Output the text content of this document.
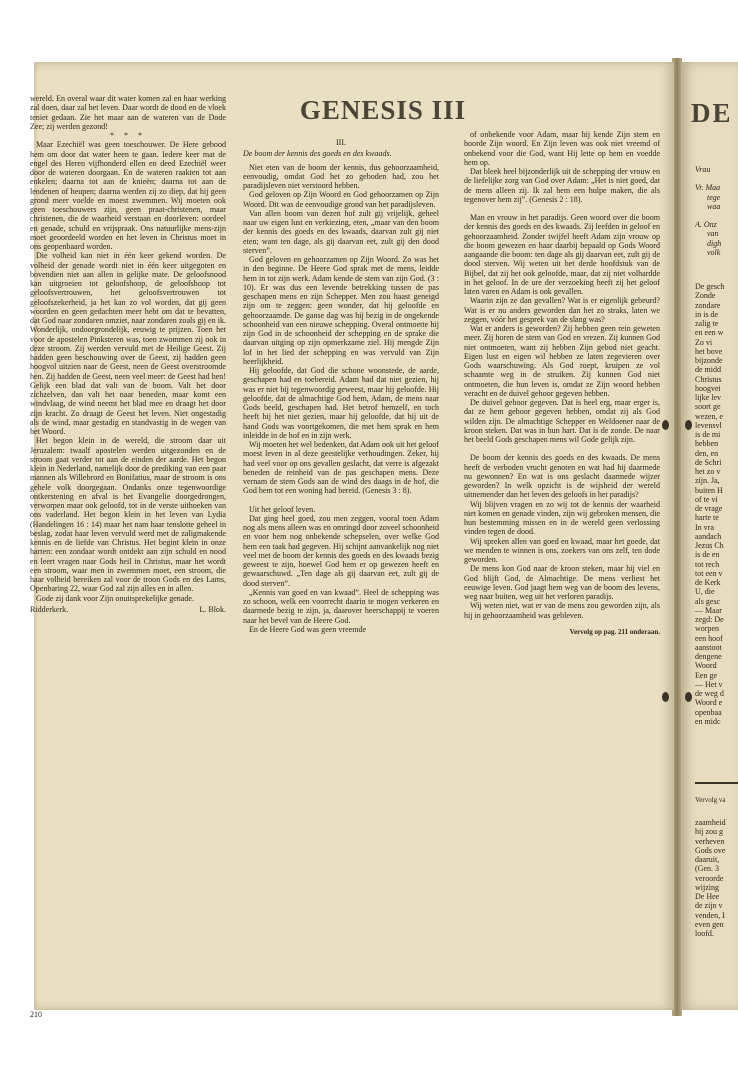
GENESIS III

wereld. En overal waar dit water komen zal en haar werking zal doen, daar zal het leven. Daar wordt de dood en de vloek teniet gedaan. Zie het maar aan de wateren van de Dode Zee; zij werden gezond!

* * *

Maar Ezechiël was geen toeschouwer. De Here gebood hem om door dat water heen te gaan. Iedere keer mat de engel des Heren vijfhonderd ellen en deed Ezechiël weer door de wateren doorgaan. En de wateren raakten tot aan enkelen; daarna tot aan de knieën; daarna tot aan de lendenen of heupen; daarna werden zij zo diep, dat hij geen grond meer voelde en moest zwemmen. Wij moeten ook geen toeschouwers zijn, geen praat-christenen, maar christenen, die de waarheid verstaan en doorleven: oordeel en genade, schuld en vrijspraak. Ons natuurlijke mens-zijn moet geoordeeld worden en het leven in Christus moet in ons geopenbaard worden.

Die volheid kan niet in één keer gekend worden. De volheid der genade wordt niet in één keer uitgegoten en bovendien niet aan allen in gelijke mate. De geloofsnood kan uitgroeien tot geloofshoop, de geloofshoop tot geloofsvertrouwen, het geloofsvertrouwen tot geloofszekerheid, ja het kan zo vol worden, dat gij geen woorden en geen gedachten meer hebt om dat te bevatten, dat God naar zondaren omziet, naar zondaren zoals gij en ik. Wonderlijk, ondoorgrondelijk, eeuwig te prijzen. Toen het voor de apostelen Pinksteren was, toen zwommen zij ook in deze stroom. Zij werden vervuld met de Heilige Geest. Zij hadden geen beschouwing over de Geest, zij hadden geen hoogvol uitzien naar de Geest, neen de Geest overstroomde hen. Zij hadden de Geest, neen veel meer: de Geest had hen! Gelijk een blad dat valt van de boom. Valt het door zichzelven, dan valt het naar beneden, maar komt een windvlaag, de wind neemt het blad mee en draagt het door zijn kracht. Zo draagt de Geest het leven. Niet ongestadig als de wind, maar gestadig en standvastig in de wegen van het Woord.

Het begon klein in de wereld, die stroom daar uit Jeruzalem: twaalf apostelen werden uitgezonden en de stroom gaat verder tot aan de einden der aarde. Het begon klein in Nederland, namelijk door de prediking van een paar mannen als Willebrord en Bonifatius, maar de stroom is ons gehele volk doorgegaan. Ondanks onze tegenwoordige ontkerstening en afval is het Evangelie doorgedrongen, verworpen maar ook geloofd, tot in de verste uithoeken van ons vaderland. Het begon klein in het leven van Lydia (Handelingen 16 : 14) maar het nam haar tenslotte geheel in beslag, zodat haar leven vervuld werd met de zaligmakende kennis en de liefde van Christus. Het begint klein in onze harten: een zondaar wordt ontdekt aan zijn schuld en nood en leert vragen naar Gods heil in Christus, maar het wordt een stroom, waar men in zwemmen moet, een stroom, die haar volheid bereiken zal voor de troon Gods en des Lams, Openbaring 22, waar God zal zijn alles en in allen.

Gode zij dank voor Zijn onuitsprekelijke genade.

Ridderkerk.	L. Blok.

III.

De boom der kennis des goeds en des kwaads.

Niet eten van de boom der kennis, dus gehoorzaamheid, eenvoudig, omdat God het zo geboden had, zou het paradijsleven niet verstoord hebben.

God geloven op Zijn Woord en God gehoorzamen op Zijn Woord. Dit was de eenvoudige grond van het paradijsleven.

Van allen boom van dezen hof zult gij vrijelijk, geheel naar uw eigen lust en verkiezing, eten, „maar van den boom der kennis des goeds en des kwaads, daarvan zult gij niet eten; want ten dage, als gij daarvan eet, zult gij den dood sterven”.

God geloven en gehoorzamen op Zijn Woord. Zo was het in den beginne. De Heere God sprak met de mens, leidde hem in tot zijn werk. Adam kende de stem van zijn God. (3 : 10). Er was dus een levende betrekking tussen de pas geschapen mens en zijn Schepper. Men zou haast geneigd zijn om te zeggen: geen wonder, dat hij geloofde en gehoorzaamde. De ganse dag was hij bezig in de ongekende schoonheid van een nieuwe schepping. Overal ontmoette hij zijn God in de schoonheid der schepping en de sprake die daarvan uitging op zijn opmerkzame ziel. Hij mengde Zijn lof in het lied der schepping en was vervuld van Zijn heerlijkheid.

Hij geloofde, dat God die schone woonstede, de aarde, geschapen had en toebereid. Adam had dat niet gezien, hij was er niet bij tegenwoordig geweest, maar hij geloofde. Hij geloofde, dat de almachtige God hem, Adam, de mens naar Gods beeld, geschapen had. Het betrof hemzelf, en toch heeft hij het niet gezien, maar hij geloofde, dat hij uit de hand Gods was voortgekomen, die met hem sprak en hem inleidde in de hof en in zijn werk.

Wij moeten het wel bedenken, dat Adam ook uit het geloof moest leven in al deze geestelijke verhoudingen. Zeker, hij had veel voor op ons gevallen geslacht, dat verre is afgezakt beneden de reinheid van de pas geschapen mens. Deze vernam de stem Gods aan de wind des daags in de hof, die God hem tot een woning had bereid. (Genesis 3 : 8).

Uit het geloof leven.

Dat ging heel goed, zou men zeggen, vooral toen Adam nog als mens alleen was en omringd door zoveel schoonheid en voor hem nog onbekende schepselen, over welke God hem een taak had gegeven. Hij schijnt aanvankelijk nog niet veel met de boom der kennis des goeds en des kwaads bezig geweest te zijn, hoewel God hem er op gewezen heeft en gewaarschuwd. „Ten dage als gij daarvan eet, zult gij de dood sterven”.

„Kennis van goed en van kwaad”. Heel de schepping was zo schoon, welk een voorrecht daarin te mogen verkeren en daarmede bezig te zijn, ja, daarover heerschappij te voeren naar het bevel van de Heere God.

En de Heere God was geen vreemde

of onbekende voor Adam, maar hij kende Zijn stem en hoorde Zijn woord. En Zijn leven was ook niet vreemd of onbekend voor die God, want Hij lette op hem en voedde hem op.

Dat bleek heel bijzonderlijk uit de schepping der vrouw en de liefelijke zorg van God over Adam: „Het is niet goed, dat de mens alleen zij. Ik zal hem een hulpe maken, die als tegenover hem zij”. (Genesis 2 : 18).

Man en vrouw in het paradijs. Geen woord over die boom der kennis des goeds en des kwaads. Zij leefden in geloof en gehoorzaamheid. Zonder twijfel heeft Adam zijn vrouw op die boom gewezen en haar daarbij bepaald op Gods Woord aangaande die boom: ten dage als gij daarvan eet, zult gij de dood sterven. Wij weten uit het derde hoofdstuk van de Bijbel, dat zij het ook geloofde, maar, dat zij niet volhardde in het geloof. In de ure der verzoeking heeft zij het geloof laten varen en Adam is ook gevallen.

Waarin zijn ze dan gevallen? Wat is er eigenlijk gebeurd? Wat is er nu anders geworden dan het zo straks, laten we zeggen, vóór het gesprek van de slang was?

Wat er anders is geworden? Zij hebben geen rein geweten meer. Zij horen de stem van God en vrezen. Zij kunnen God niet ontmoeten, want zij hebben Zijn gebod niet geacht. Eigen lust en eigen wil hebben ze laten zegevieren over Gods waarschuwing. Als God roept, kruipen ze vol schaamte weg in de struiken. Zij kunnen God niet ontmoeten, die hun leven is, omdat ze Zijn woord hebben veracht en de duivel gehoor gegeven hebben.

De duivel gehoor gegeven. Dat is heel erg, maar erger is, dat ze hem gehoor gegeven hebben, omdat zij als God wilden zijn. De almachtige Schepper en Weldoener naar de kroon steken. Dat was in hun hart. Dat is de zonde. De naar het beeld Gods geschapen mens wil Gode gelijk zijn.

De boom der kennis des goeds en des kwaads. De mens heeft de verboden vrucht genoten en wat had hij daarmede nu gewonnen? En wat is ons geslacht daarmede wijzer geworden? In welk opzicht is de wijsheid der wereld uitnemender dan het leven des geloofs in het paradijs?

Wij blijven vragen en zo wij tot de kennis der waarheid niet komen en genade vinden, zijn wij gebroken mensen, die hun bestemming missen en in de wereld geen verlossing vinden tegen de dood.

Wij spreken allen van goed en kwaad, maar het goede, dat we menden te winnen is ons, zoekers van ons zelf, ten dode geworden.

De mens kon God naar de kroon steken, maar hij viel en God blijft God, de Almachtige. De mens verliest het eeuwige leven. God jaagt hem weg van de boom des levens, weg naar buiten, weg uit het verloren paradijs.

Wij weten niet, wat er van de mens zou geworden zijn, als hij in gehoorzaamheid was gebleven.

Vervolg op pag. 211 onderaan.

210
DE
Vrau
Vr. Maa
tege
waa
A. Onz
van
digh
volk
De gesch
Zonde
zondarе
in is de
zalig te
en een w
Zo vi
het bove
bijzonde
de midd
Christus
hoogvei
lijke lev
soort ge
wezen, e
levensvl
is de mi
hebben
den, en
de Schri
het zo v
zijn. Ja,
buiten H
of te vi
de vrage
harte te
In vra
aandach
Jezus Ch
is de en
tot rech
tot een v
de Kerk
U, die
als gesc
— Maar
zegd: De
worpen
een hoof
aanstoot
dengene
Woord
Een ge
— Het v
de weg d
Woord e
openbaa
en midc
Vervolg va
zaamheid
hij zou g
verheven
Gods ove
daaruit,
(Gen. 3
veroorde
wijzing
De Hee
de zijn v
venden, I
even gen
loofd.
